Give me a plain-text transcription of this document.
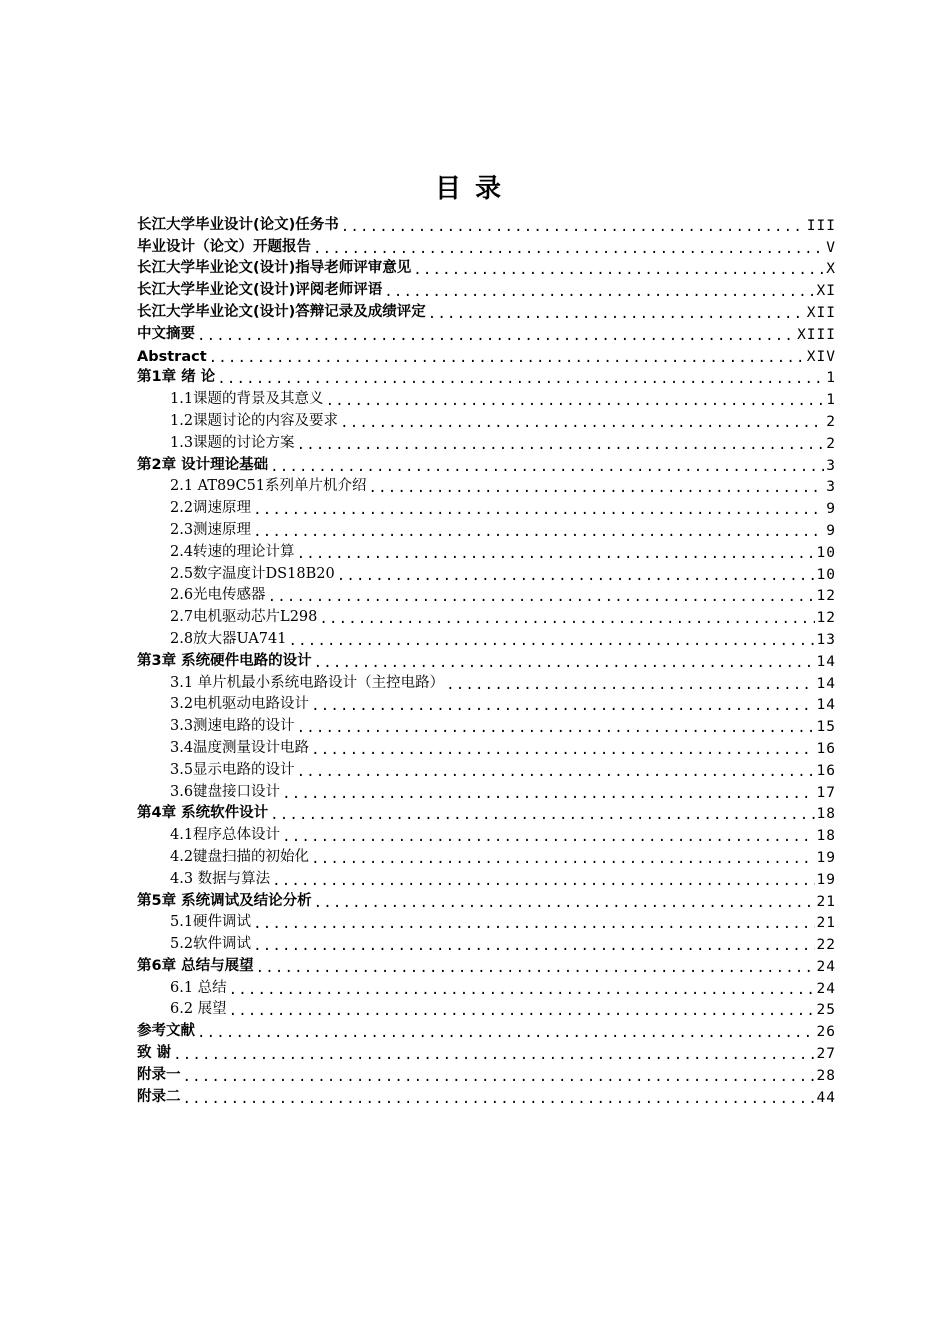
目录
长江大学毕业设计(论文)任务书 .....	III
毕业设计（论文）开题报告 .....	V
长江大学毕业论文(设计)指导老师评审意见 .....	X
长江大学毕业论文(设计)评阅老师评语 .....	XI
长江大学毕业论文(设计)答辩记录及成绩评定 .....	XII
中文摘要 .....	XIII
Abstract .....	XIV
第1章 绪 论 .....	1
1.1课题的背景及其意义 .....	1
1.2课题讨论的内容及要求 .....	2
1.3课题的讨论方案 .....	2
第2章 设计理论基础 .....	3
2.1 AT89C51系列单片机介绍 .....	3
2.2调速原理 .....	9
2.3测速原理 .....	9
2.4转速的理论计算 .....	10
2.5数字温度计DS18B20 .....	10
2.6光电传感器 .....	12
2.7电机驱动芯片L298 .....	12
2.8放大器UA741 .....	13
第3章 系统硬件电路的设计 .....	14
3.1 单片机最小系统电路设计（主控电路） .....	14
3.2电机驱动电路设计 .....	14
3.3测速电路的设计 .....	15
3.4温度测量设计电路 .....	16
3.5显示电路的设计 .....	16
3.6键盘接口设计 .....	17
第4章 系统软件设计 .....	18
4.1程序总体设计 .....	18
4.2键盘扫描的初始化 .....	19
4.3 数据与算法 .....	19
第5章 系统调试及结论分析 .....	21
5.1硬件调试 .....	21
5.2软件调试 .....	22
第6章 总结与展望 .....	24
6.1 总结 .....	24
6.2 展望 .....	25
参考文献 .....	26
致 谢 .....	27
附录一 .....	28
附录二 .....	44
